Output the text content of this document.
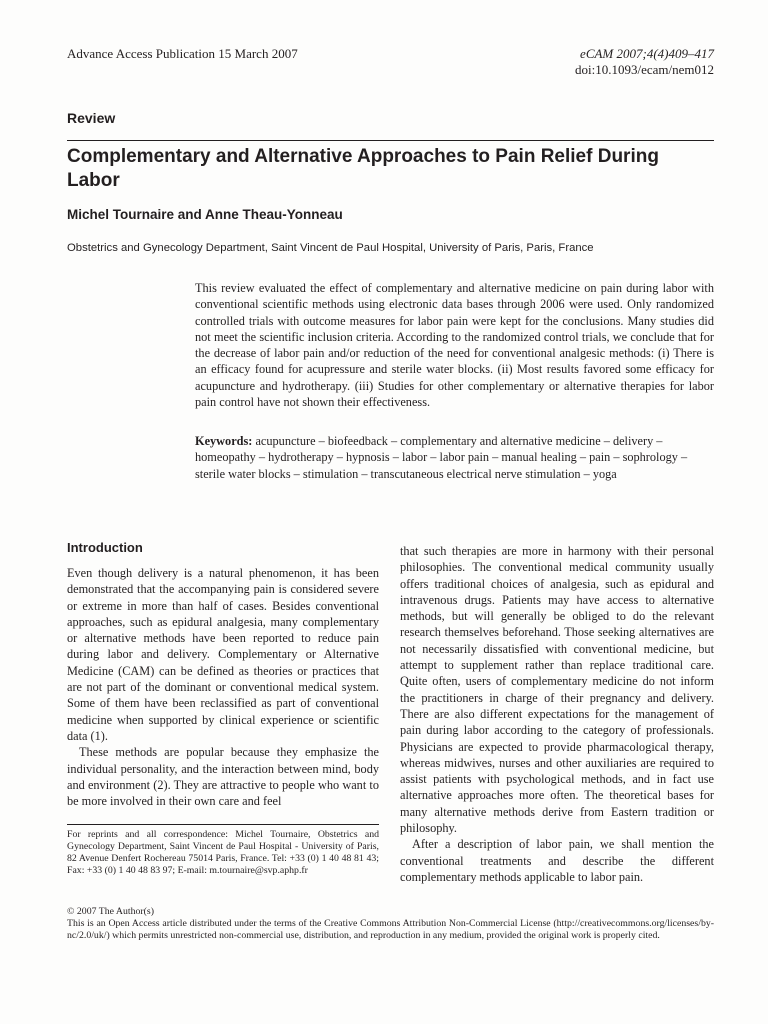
Advance Access Publication 15 March 2007	eCAM 2007;4(4)409–417
doi:10.1093/ecam/nem012
Review
Complementary and Alternative Approaches to Pain Relief During Labor
Michel Tournaire and Anne Theau-Yonneau
Obstetrics and Gynecology Department, Saint Vincent de Paul Hospital, University of Paris, Paris, France

This review evaluated the effect of complementary and alternative medicine on pain during labor with conventional scientific methods using electronic data bases through 2006 were used. Only randomized controlled trials with outcome measures for labor pain were kept for the conclusions. Many studies did not meet the scientific inclusion criteria. According to the randomized control trials, we conclude that for the decrease of labor pain and/or reduction of the need for conventional analgesic methods: (i) There is an efficacy found for acupressure and sterile water blocks. (ii) Most results favored some efficacy for acupuncture and hydrotherapy. (iii) Studies for other complementary or alternative therapies for labor pain control have not shown their effectiveness.

Keywords: acupuncture – biofeedback – complementary and alternative medicine – delivery – homeopathy – hydrotherapy – hypnosis – labor – labor pain – manual healing – pain – sophrology – sterile water blocks – stimulation – transcutaneous electrical nerve stimulation – yoga

Introduction

Even though delivery is a natural phenomenon, it has been demonstrated that the accompanying pain is considered severe or extreme in more than half of cases. Besides conventional approaches, such as epidural analgesia, many complementary or alternative methods have been reported to reduce pain during labor and delivery. Complementary or Alternative Medicine (CAM) can be defined as theories or practices that are not part of the dominant or conventional medical system. Some of them have been reclassified as part of conventional medicine when supported by clinical experience or scientific data (1).

These methods are popular because they emphasize the individual personality, and the interaction between mind, body and environment (2). They are attractive to people who want to be more involved in their own care and feel

that such therapies are more in harmony with their personal philosophies. The conventional medical community usually offers traditional choices of analgesia, such as epidural and intravenous drugs. Patients may have access to alternative methods, but will generally be obliged to do the relevant research themselves beforehand. Those seeking alternatives are not necessarily dissatisfied with conventional medicine, but attempt to supplement rather than replace traditional care. Quite often, users of complementary medicine do not inform the practitioners in charge of their pregnancy and delivery. There are also different expectations for the management of pain during labor according to the category of professionals. Physicians are expected to provide pharmacological therapy, whereas midwives, nurses and other auxiliaries are required to assist patients with psychological methods, and in fact use alternative approaches more often. The theoretical bases for many alternative methods derive from Eastern tradition or philosophy.

After a description of labor pain, we shall mention the conventional treatments and describe the different complementary methods applicable to labor pain.

For reprints and all correspondence: Michel Tournaire, Obstetrics and Gynecology Department, Saint Vincent de Paul Hospital - University of Paris, 82 Avenue Denfert Rochereau 75014 Paris, France. Tel: +33 (0) 1 40 48 81 43; Fax: +33 (0) 1 40 48 83 97; E-mail: m.tournaire@svp.aphp.fr
© 2007 The Author(s)
This is an Open Access article distributed under the terms of the Creative Commons Attribution Non-Commercial License (http://creativecommons.org/licenses/by-nc/2.0/uk/) which permits unrestricted non-commercial use, distribution, and reproduction in any medium, provided the original work is properly cited.
